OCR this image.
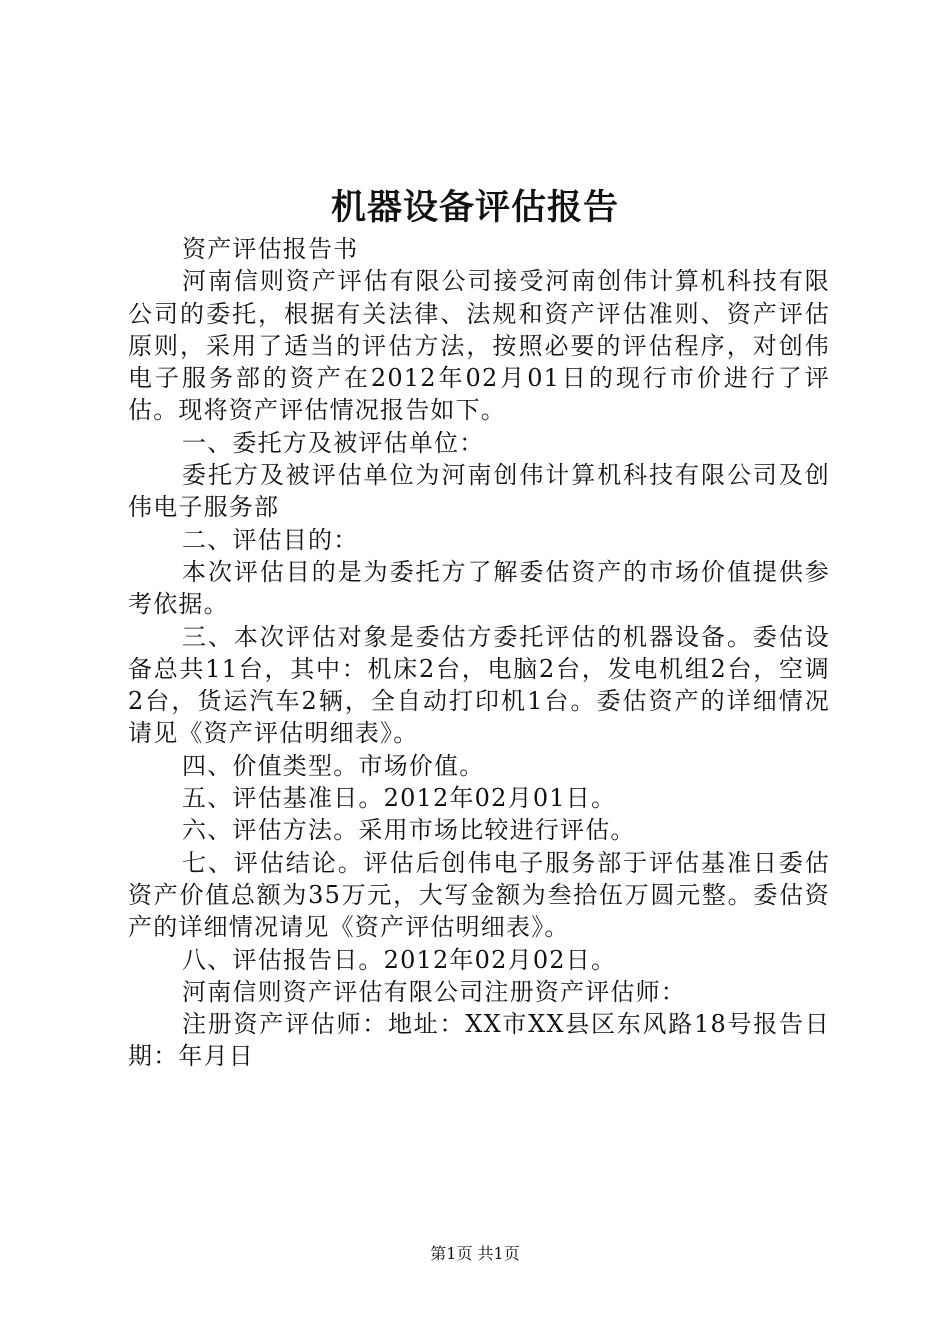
机器设备评估报告

资产评估报告书

河南信则资产评估有限公司接受河南创伟计算机科技有限公司的委托，根据有关法律、法规和资产评估准则、资产评估原则，采用了适当的评估方法，按照必要的评估程序，对创伟电子服务部的资产在2012年02月01日的现行市价进行了评估。现将资产评估情况报告如下。

一、委托方及被评估单位：

委托方及被评估单位为河南创伟计算机科技有限公司及创伟电子服务部

二、评估目的：

本次评估目的是为委托方了解委估资产的市场价值提供参考依据。

三、本次评估对象是委估方委托评估的机器设备。委估设备总共11台，其中：机床2台，电脑2台，发电机组2台，空调2台，货运汽车2辆，全自动打印机1台。委估资产的详细情况请见《资产评估明细表》。

四、价值类型。市场价值。

五、评估基准日。2012年02月01日。

六、评估方法。采用市场比较进行评估。

七、评估结论。评估后创伟电子服务部于评估基准日委估资产价值总额为35万元，大写金额为叁拾伍万圆元整。委估资产的详细情况请见《资产评估明细表》。

八、评估报告日。2012年02月02日。

河南信则资产评估有限公司注册资产评估师：

注册资产评估师：地址：XX市XX县区东风路18号报告日期：年月日

第1页 共1页
